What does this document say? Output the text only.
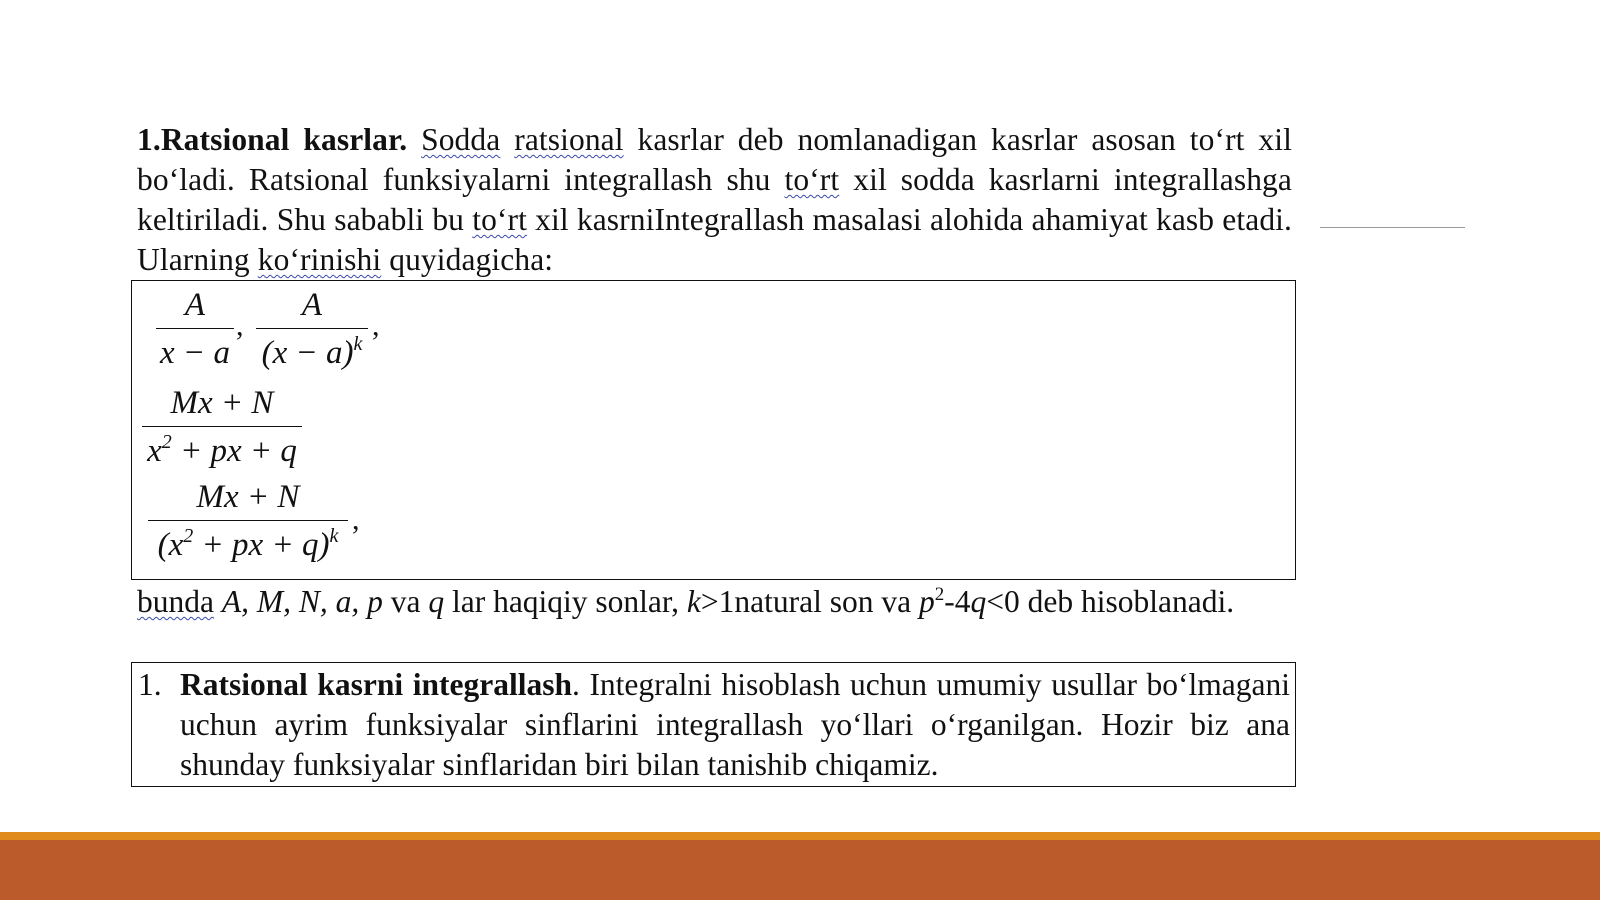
1.Ratsional kasrlar. Sodda ratsional kasrlar deb nomlanadigan kasrlar asosan to‘rt xil bo‘ladi. Ratsional funksiyalarni integrallash shu to‘rt xil sodda kasrlarni integrallashga keltiriladi. Shu sababli bu to‘rt xil kasrniIntegrallash masalasi alohida ahamiyat kasb etadi. Ularning ko‘rinishi quyidagicha:
A
x − a
,
A
$(x - a)^k$
,
Mx + N
$x^2$ + px + q
Mx + N
($x^2$ + px + q)$^k$ ,
bunda A, M, N, a, p va q lar haqiqiy sonlar, k>1natural son va $p^2-4q<0$ deb hisoblanadi.
1. Ratsional kasrni integrallash. Integralni hisoblash uchun umumiy usullar bo‘lmagani uchun ayrim funksiyalar sinflarini integrallash yo‘llari o‘rganilgan. Hozir biz ana shunday funksiyalar sinflaridan biri bilan tanishib chiqamiz.
